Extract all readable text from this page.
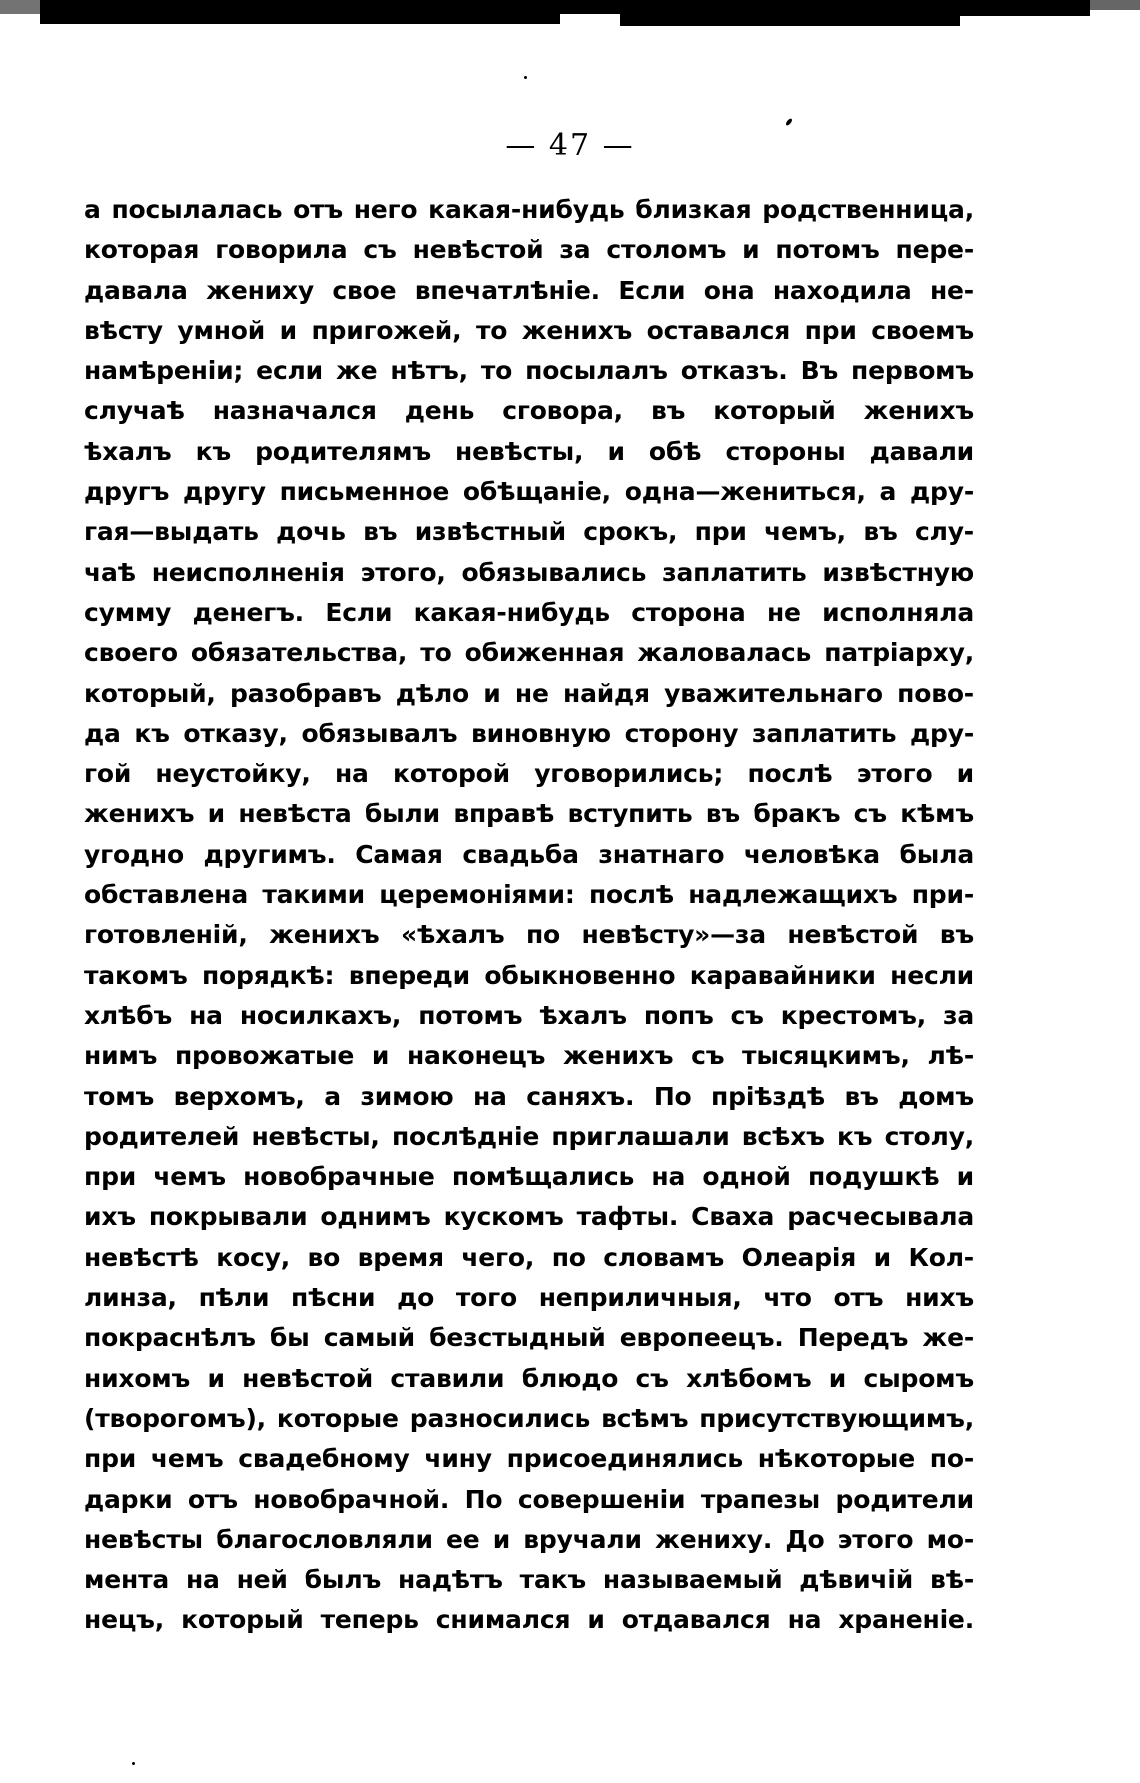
— 47 —
а посылалась отъ него какая-нибудь близкая родственница,
которая говорила съ невѣстой за столомъ и потомъ пере-
давала жениху свое впечатлѣніе. Если она находила не-
вѣсту умной и пригожей, то женихъ оставался при своемъ
намѣреніи; если же нѣтъ, то посылалъ отказъ. Въ первомъ
случаѣ назначался день сговора, въ который женихъ
ѣхалъ къ родителямъ невѣсты, и обѣ стороны давали
другъ другу письменное обѣщаніе, одна—жениться, а дру-
гая—выдать дочь въ извѣстный срокъ, при чемъ, въ слу-
чаѣ неисполненія этого, обязывались заплатить извѣстную
сумму денегъ. Если какая-нибудь сторона не исполняла
своего обязательства, то обиженная жаловалась патріарху,
который, разобравъ дѣло и не найдя уважительнаго пово-
да къ отказу, обязывалъ виновную сторону заплатить дру-
гой неустойку, на которой уговорились; послѣ этого и
женихъ и невѣста были вправѣ вступить въ бракъ съ кѣмъ
угодно другимъ. Самая свадьба знатнаго человѣка была
обставлена такими церемоніями: послѣ надлежащихъ при-
готовленій, женихъ «ѣхалъ по невѣсту»—за невѣстой въ
такомъ порядкѣ: впереди обыкновенно каравайники несли
хлѣбъ на носилкахъ, потомъ ѣхалъ попъ съ крестомъ, за
нимъ провожатые и наконецъ женихъ съ тысяцкимъ, лѣ-
томъ верхомъ, а зимою на саняхъ. По пріѣздѣ въ домъ
родителей невѣсты, послѣдніе приглашали всѣхъ къ столу,
при чемъ новобрачные помѣщались на одной подушкѣ и
ихъ покрывали однимъ кускомъ тафты. Сваха расчесывала
невѣстѣ косу, во время чего, по словамъ Олеарія и Кол-
линза, пѣли пѣсни до того неприличныя, что отъ нихъ
покраснѣлъ бы самый безстыдный европеецъ. Передъ же-
нихомъ и невѣстой ставили блюдо съ хлѣбомъ и сыромъ
(творогомъ), которые разносились всѣмъ присутствующимъ,
при чемъ свадебному чину присоединялись нѣкоторые по-
дарки отъ новобрачной. По совершеніи трапезы родители
невѣсты благословляли ее и вручали жениху. До этого мо-
мента на ней былъ надѣтъ такъ называемый дѣвичій вѣ-
нецъ, который теперь снимался и отдавался на храненіе.
